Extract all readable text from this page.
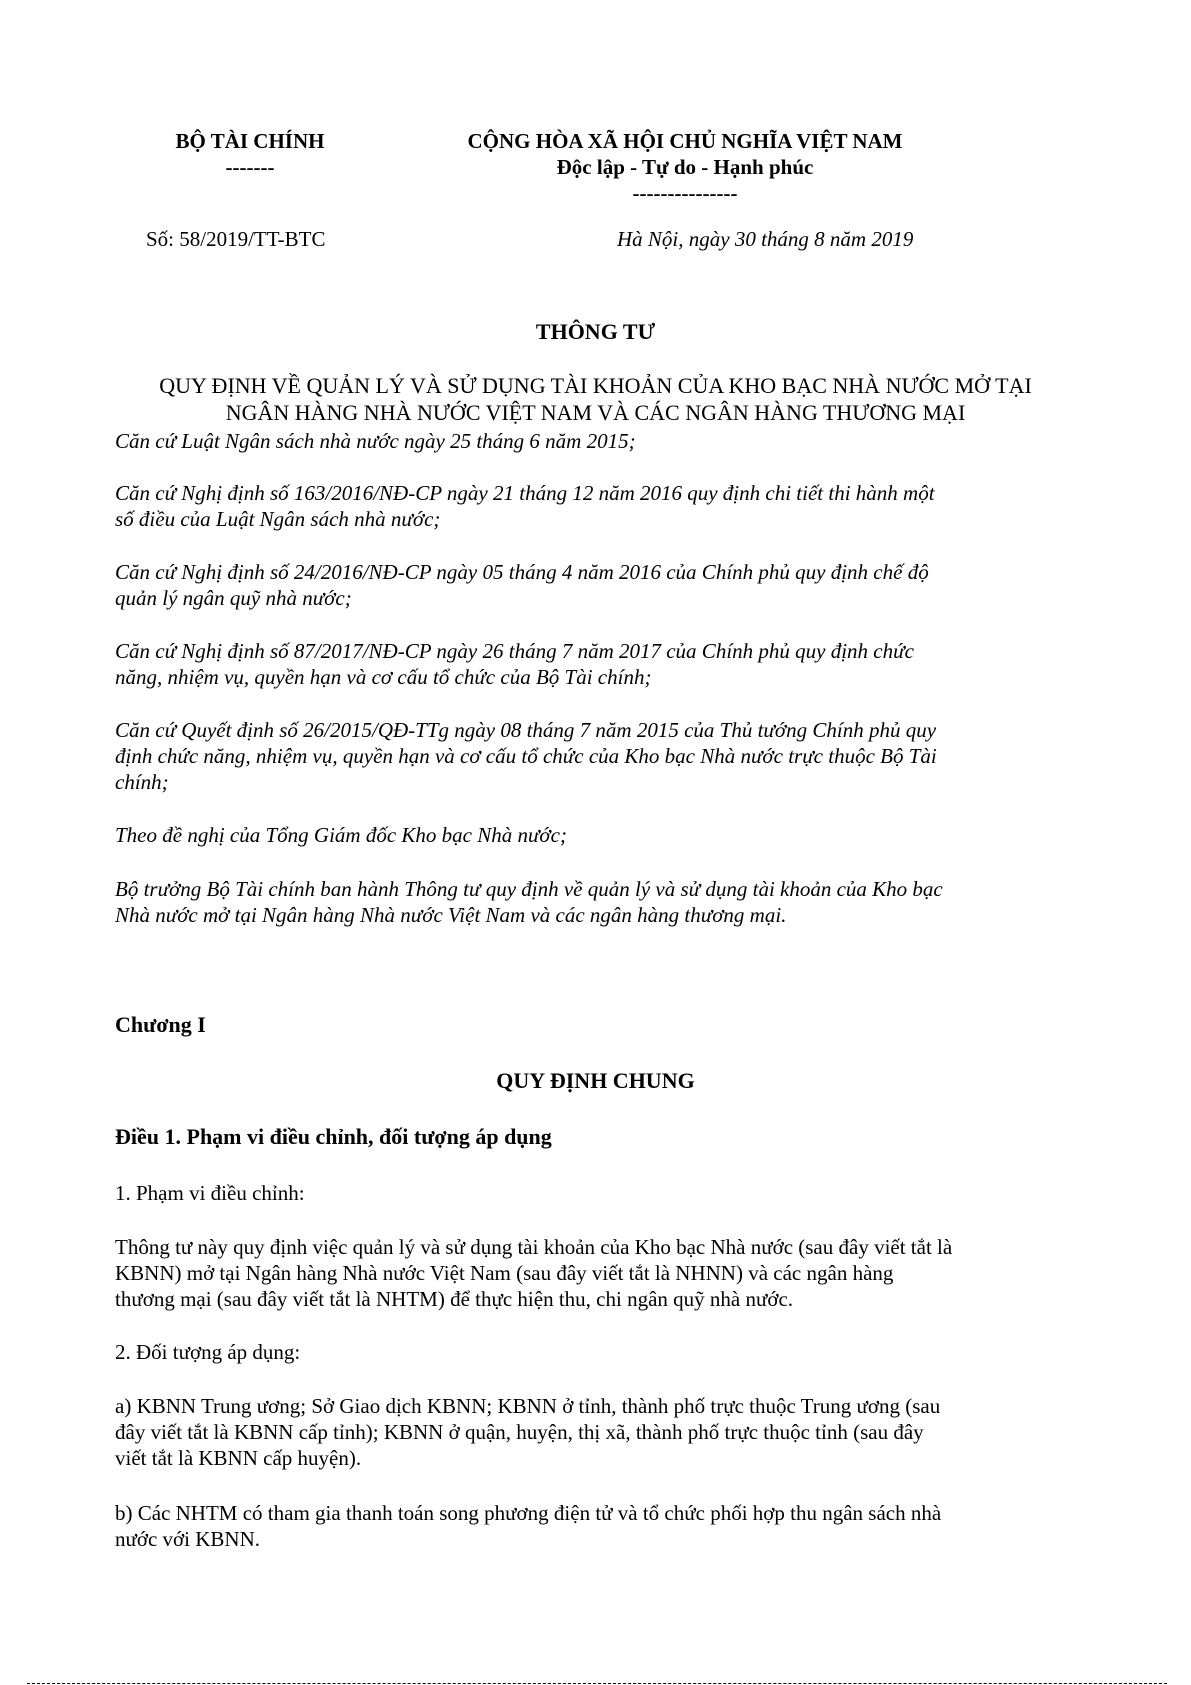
BỘ TÀI CHÍNH
-------
CỘNG HÒA XÃ HỘI CHỦ NGHĨA VIỆT NAM
Độc lập - Tự do - Hạnh phúc
---------------
Số: 58/2019/TT-BTC	Hà Nội, ngày 30 tháng 8 năm 2019
THÔNG TƯ
QUY ĐỊNH VỀ QUẢN LÝ VÀ SỬ DỤNG TÀI KHOẢN CỦA KHO BẠC NHÀ NƯỚC MỞ TẠI
NGÂN HÀNG NHÀ NƯỚC VIỆT NAM VÀ CÁC NGÂN HÀNG THƯƠNG MẠI
Căn cứ Luật Ngân sách nhà nước ngày 25 tháng 6 năm 2015;
Căn cứ Nghị định số 163/2016/NĐ-CP ngày 21 tháng 12 năm 2016 quy định chi tiết thi hành một
số điều của Luật Ngân sách nhà nước;
Căn cứ Nghị định số 24/2016/NĐ-CP ngày 05 tháng 4 năm 2016 của Chính phủ quy định chế độ
quản lý ngân quỹ nhà nước;
Căn cứ Nghị định số 87/2017/NĐ-CP ngày 26 tháng 7 năm 2017 của Chính phủ quy định chức
năng, nhiệm vụ, quyền hạn và cơ cấu tổ chức của Bộ Tài chính;
Căn cứ Quyết định số 26/2015/QĐ-TTg ngày 08 tháng 7 năm 2015 của Thủ tướng Chính phủ quy
định chức năng, nhiệm vụ, quyền hạn và cơ cấu tổ chức của Kho bạc Nhà nước trực thuộc Bộ Tài
chính;
Theo đề nghị của Tổng Giám đốc Kho bạc Nhà nước;
Bộ trưởng Bộ Tài chính ban hành Thông tư quy định về quản lý và sử dụng tài khoản của Kho bạc
Nhà nước mở tại Ngân hàng Nhà nước Việt Nam và các ngân hàng thương mại.
Chương I
QUY ĐỊNH CHUNG
Điều 1. Phạm vi điều chỉnh, đối tượng áp dụng
1. Phạm vi điều chỉnh:
Thông tư này quy định việc quản lý và sử dụng tài khoản của Kho bạc Nhà nước (sau đây viết tắt là
KBNN) mở tại Ngân hàng Nhà nước Việt Nam (sau đây viết tắt là NHNN) và các ngân hàng
thương mại (sau đây viết tắt là NHTM) để thực hiện thu, chi ngân quỹ nhà nước.
2. Đối tượng áp dụng:
a) KBNN Trung ương; Sở Giao dịch KBNN; KBNN ở tỉnh, thành phố trực thuộc Trung ương (sau
đây viết tắt là KBNN cấp tỉnh); KBNN ở quận, huyện, thị xã, thành phố trực thuộc tỉnh (sau đây
viết tắt là KBNN cấp huyện).
b) Các NHTM có tham gia thanh toán song phương điện tử và tổ chức phối hợp thu ngân sách nhà
nước với KBNN.
